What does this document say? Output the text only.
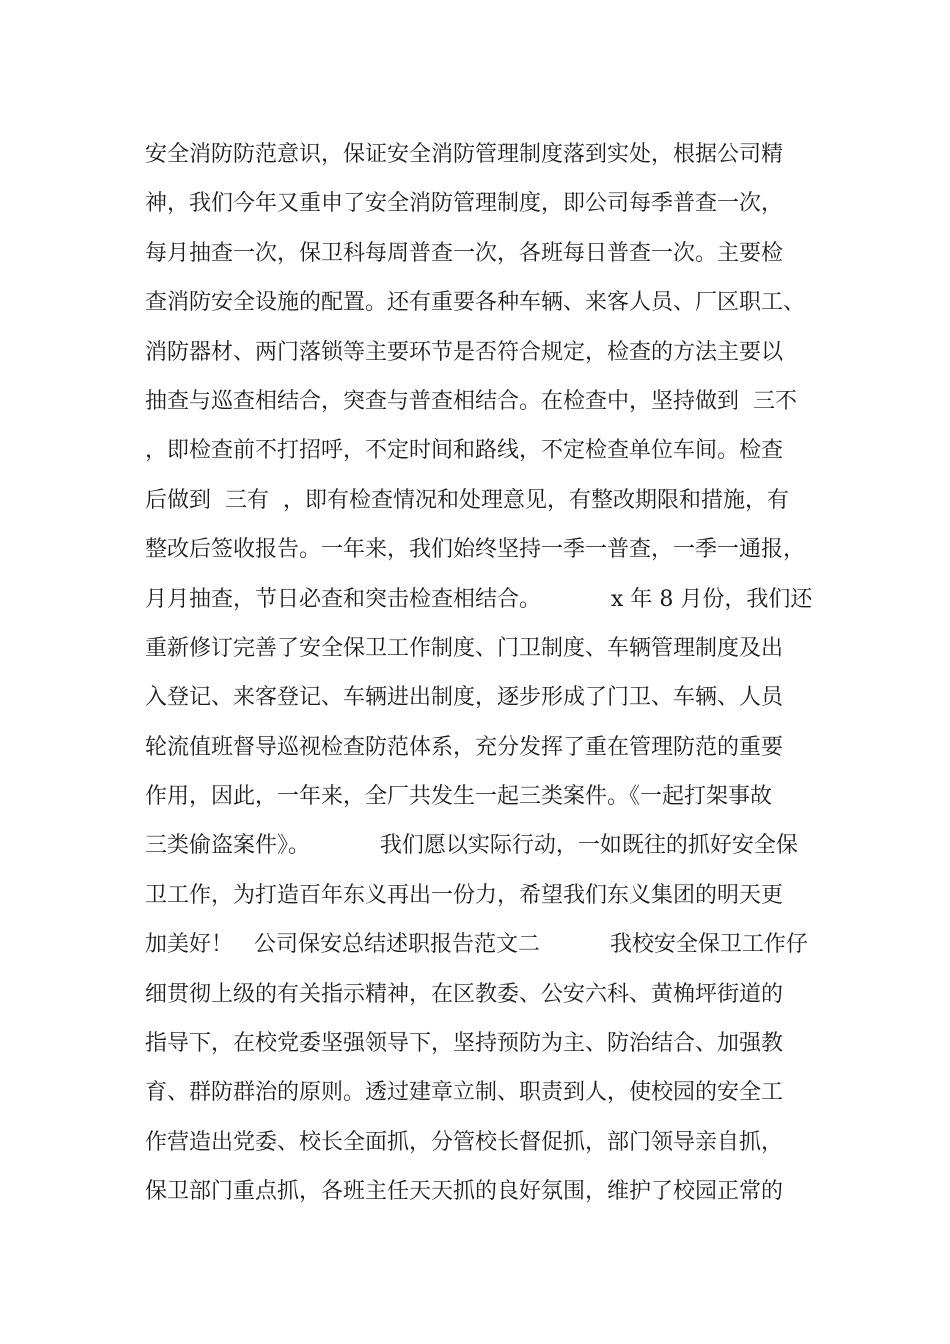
安全消防防范意识，保证安全消防管理制度落到实处，根据公司精
神，我们今年又重申了安全消防管理制度，即公司每季普查一次，
每月抽查一次，保卫科每周普查一次，各班每日普查一次。主要检
查消防安全设施的配置。还有重要各种车辆、来客人员、厂区职工、
消防器材、两门落锁等主要环节是否符合规定，检查的方法主要以
抽查与巡查相结合，突查与普查相结合。在检查中，坚持做到  三不
，即检查前不打招呼，不定时间和路线，不定检查单位车间。检查
后做到  三有  ，即有检查情况和处理意见，有整改期限和措施，有
整改后签收报告。一年来，我们始终坚持一季一普查，一季一通报，
月月抽查，节日必查和突击检查相结合。          x 年 8 月份，我们还
重新修订完善了安全保卫工作制度、门卫制度、车辆管理制度及出
入登记、来客登记、车辆进出制度，逐步形成了门卫、车辆、人员
轮流值班督导巡视检查防范体系，充分发挥了重在管理防范的重要
作用，因此，一年来，全厂共发生一起三类案件。《一起打架事故
三类偷盗案件》。          我们愿以实际行动，一如既往的抓好安全保
卫工作，为打造百年东义再出一份力，希望我们东义集团的明天更
加美好！   公司保安总结述职报告范文二          我校安全保卫工作仔
细贯彻上级的有关指示精神，在区教委、公安六科、黄桷坪街道的
指导下，在校党委坚强领导下，坚持预防为主、防治结合、加强教
育、群防群治的原则。透过建章立制、职责到人，使校园的安全工
作营造出党委、校长全面抓，分管校长督促抓，部门领导亲自抓，
保卫部门重点抓，各班主任天天抓的良好氛围，维护了校园正常的
